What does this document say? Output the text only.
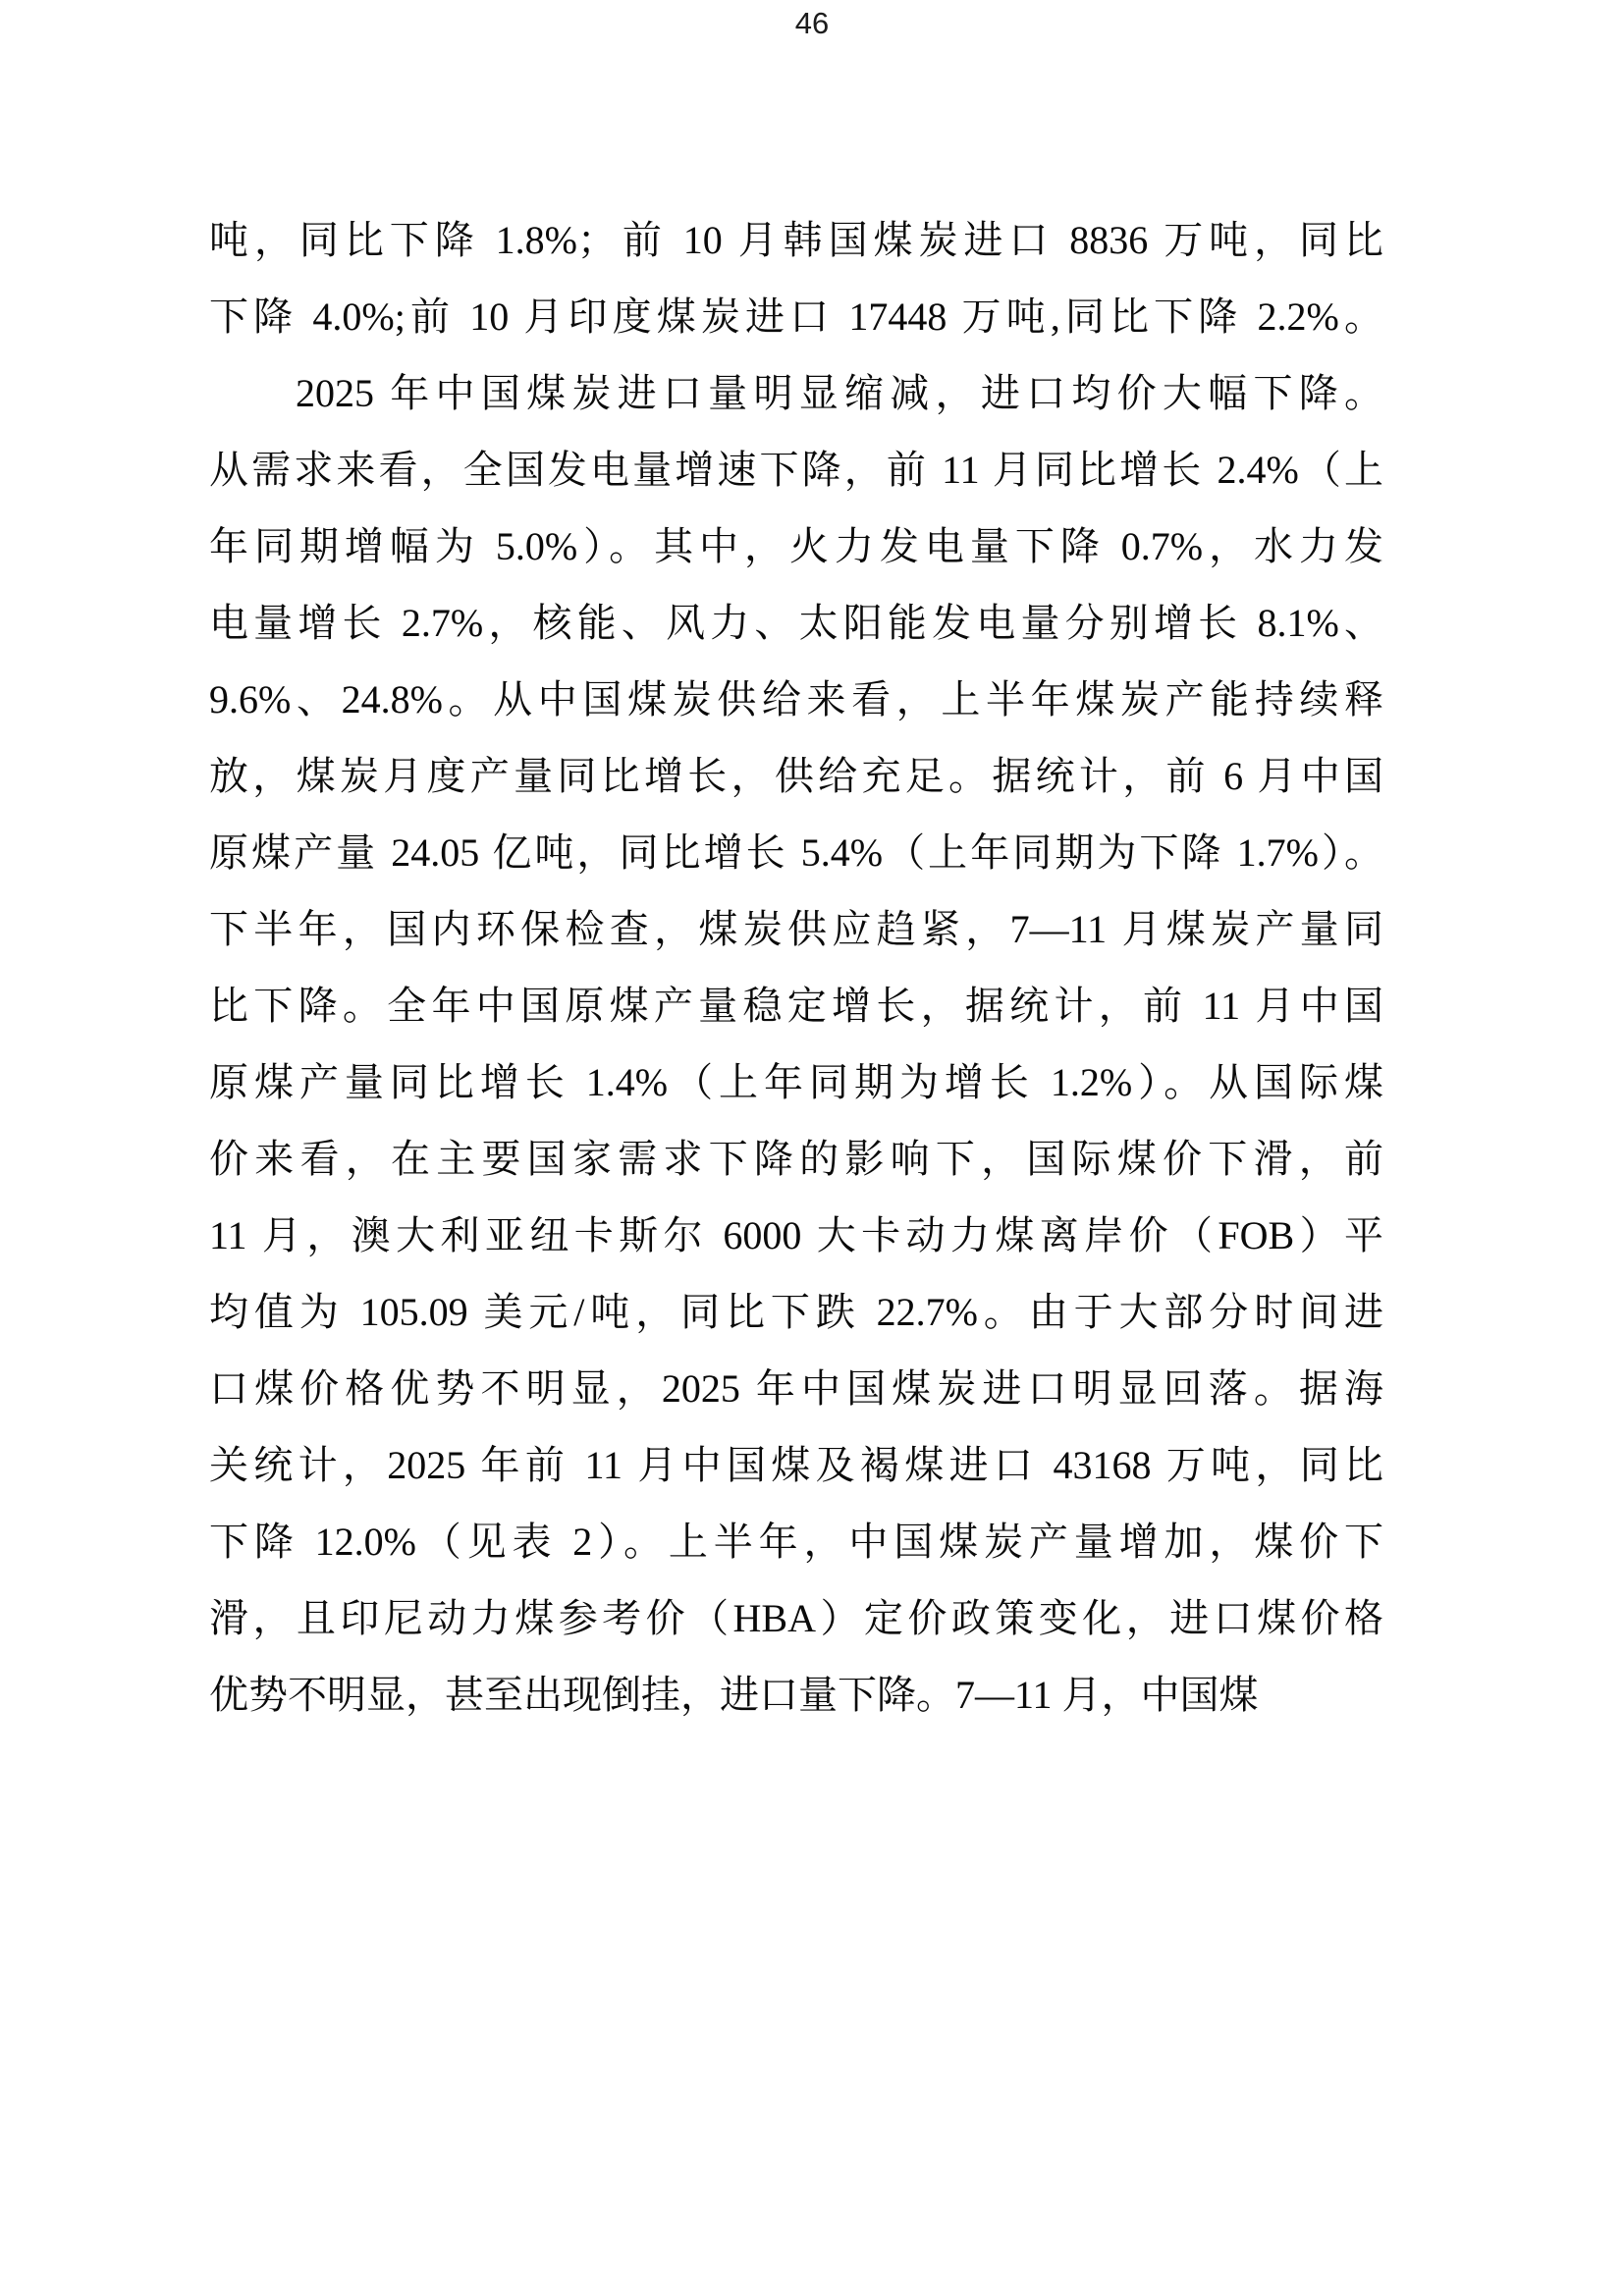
46
吨，同比下降 1.8%；前 10 月韩国煤炭进口 8836 万吨，同比
下降 4.0%;前 10 月印度煤炭进口 17448 万吨,同比下降 2.2%。
2025 年中国煤炭进口量明显缩减，进口均价大幅下降。
从需求来看，全国发电量增速下降，前 11 月同比增长 2.4%（上
年同期增幅为 5.0%）。其中，火力发电量下降 0.7%，水力发
电量增长 2.7%，核能、风力、太阳能发电量分别增长 8.1%、
9.6%、24.8%。从中国煤炭供给来看，上半年煤炭产能持续释
放，煤炭月度产量同比增长，供给充足。据统计，前 6 月中国
原煤产量 24.05 亿吨，同比增长 5.4%（上年同期为下降 1.7%）。
下半年，国内环保检查，煤炭供应趋紧，7—11 月煤炭产量同
比下降。全年中国原煤产量稳定增长，据统计，前 11 月中国
原煤产量同比增长 1.4%（上年同期为增长 1.2%）。从国际煤
价来看，在主要国家需求下降的影响下，国际煤价下滑，前
11 月，澳大利亚纽卡斯尔 6000 大卡动力煤离岸价（FOB）平
均值为 105.09 美元/吨，同比下跌 22.7%。由于大部分时间进
口煤价格优势不明显，2025 年中国煤炭进口明显回落。据海
关统计，2025 年前 11 月中国煤及褐煤进口 43168 万吨，同比
下降 12.0%（见表 2）。上半年，中国煤炭产量增加，煤价下
滑，且印尼动力煤参考价（HBA）定价政策变化，进口煤价格
优势不明显，甚至出现倒挂，进口量下降。7—11 月，中国煤
